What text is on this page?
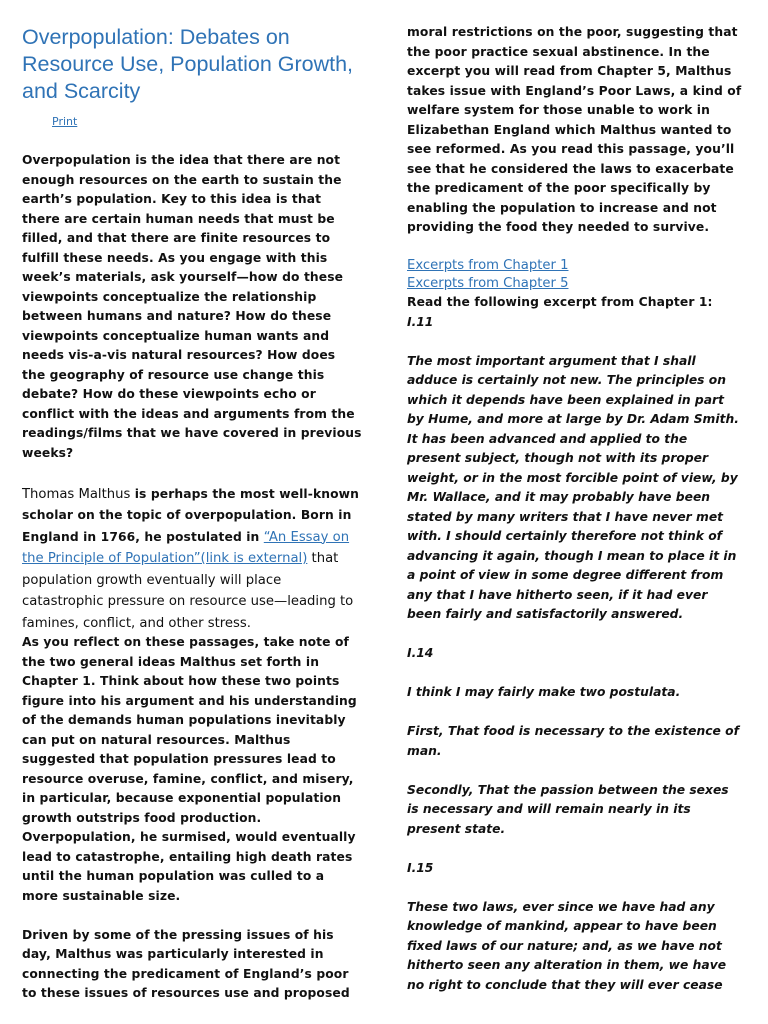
Overpopulation: Debates on Resource Use, Population Growth, and Scarcity
Print

Overpopulation is the idea that there are not enough resources on the earth to sustain the earth’s population. Key to this idea is that there are certain human needs that must be filled, and that there are finite resources to fulfill these needs. As you engage with this week’s materials, ask yourself—how do these viewpoints conceptualize the relationship between humans and nature? How do these viewpoints conceptualize human wants and needs vis-a-vis natural resources? How does the geography of resource use change this debate? How do these viewpoints echo or conflict with the ideas and arguments from the readings/films that we have covered in previous weeks?

Thomas Malthus is perhaps the most well-known scholar on the topic of overpopulation. Born in England in 1766, he postulated in “An Essay on the Principle of Population”(link is external) that population growth eventually will place catastrophic pressure on resource use—leading to famines, conflict, and other stress.

As you reflect on these passages, take note of the two general ideas Malthus set forth in Chapter 1. Think about how these two points figure into his argument and his understanding of the demands human populations inevitably can put on natural resources. Malthus suggested that population pressures lead to resource overuse, famine, conflict, and misery, in particular, because exponential population growth outstrips food production. Overpopulation, he surmised, would eventually lead to catastrophe, entailing high death rates until the human population was culled to a more sustainable size.

Driven by some of the pressing issues of his day, Malthus was particularly interested in connecting the predicament of England’s poor to these issues of resources use and proposed

moral restrictions on the poor, suggesting that the poor practice sexual abstinence. In the excerpt you will read from Chapter 5, Malthus takes issue with England’s Poor Laws, a kind of welfare system for those unable to work in Elizabethan England which Malthus wanted to see reformed. As you read this passage, you’ll see that he considered the laws to exacerbate the predicament of the poor specifically by enabling the population to increase and not providing the food they needed to survive.

Excerpts from Chapter 1
Excerpts from Chapter 5

Read the following excerpt from Chapter 1:

I.11

The most important argument that I shall adduce is certainly not new. The principles on which it depends have been explained in part by Hume, and more at large by Dr. Adam Smith. It has been advanced and applied to the present subject, though not with its proper weight, or in the most forcible point of view, by Mr. Wallace, and it may probably have been stated by many writers that I have never met with. I should certainly therefore not think of advancing it again, though I mean to place it in a point of view in some degree different from any that I have hitherto seen, if it had ever been fairly and satisfactorily answered.

I.14

I think I may fairly make two postulata.

First, That food is necessary to the existence of man.

Secondly, That the passion between the sexes is necessary and will remain nearly in its present state.

I.15

These two laws, ever since we have had any knowledge of mankind, appear to have been fixed laws of our nature; and, as we have not hitherto seen any alteration in them, we have no right to conclude that they will ever cease
